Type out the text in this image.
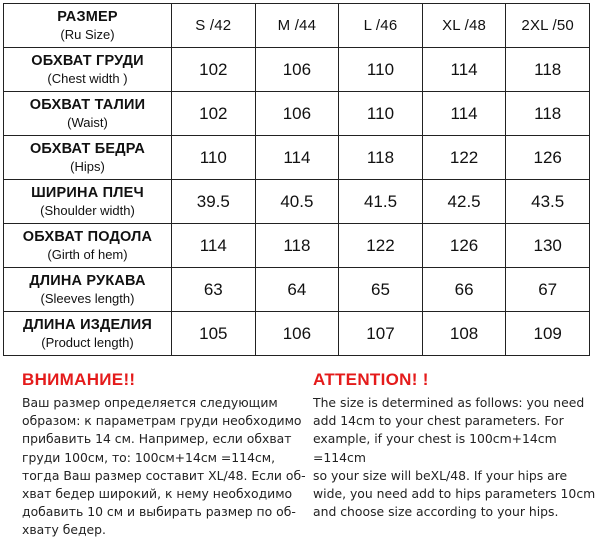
РАЗМЕР
(Ru Size)	S /42	M /44	L /46	XL /48	2XL /50

ОБХВАТ ГРУДИ
(Chest width )	102	106	110	114	118

ОБХВАТ ТАЛИИ
(Waist)	102	106	110	114	118

ОБХВАТ БЕДРА
(Hips)	110	114	118	122	126

ШИРИНА ПЛЕЧ
(Shoulder width)	39.5	40.5	41.5	42.5	43.5

ОБХВАТ ПОДОЛА
(Girth of hem)	114	118	122	126	130

ДЛИНА РУКАВА
(Sleeves length)	63	64	65	66	67

ДЛИНА ИЗДЕЛИЯ
(Product length)	105	106	107	108	109
ВНИМАНИЕ!!

Ваш размер определяется следующим
образом: к параметрам груди необходимо
прибавить 14 см. Например, если обхват
груди 100см, то: 100см+14см =114см,
тогда Ваш размер составит XL/48. Если об-
хват бедер широкий, к нему необходимо
добавить 10 см и выбирать размер по об-
хвату бедер.

ATTENTION! !

The size is determined as follows: you need
add 14cm to your chest parameters. For
example, if your chest is 100cm+14cm =114cm
so your size will beXL/48. If your hips are
wide, you need add to hips parameters 10cm
and choose size according to your hips.
